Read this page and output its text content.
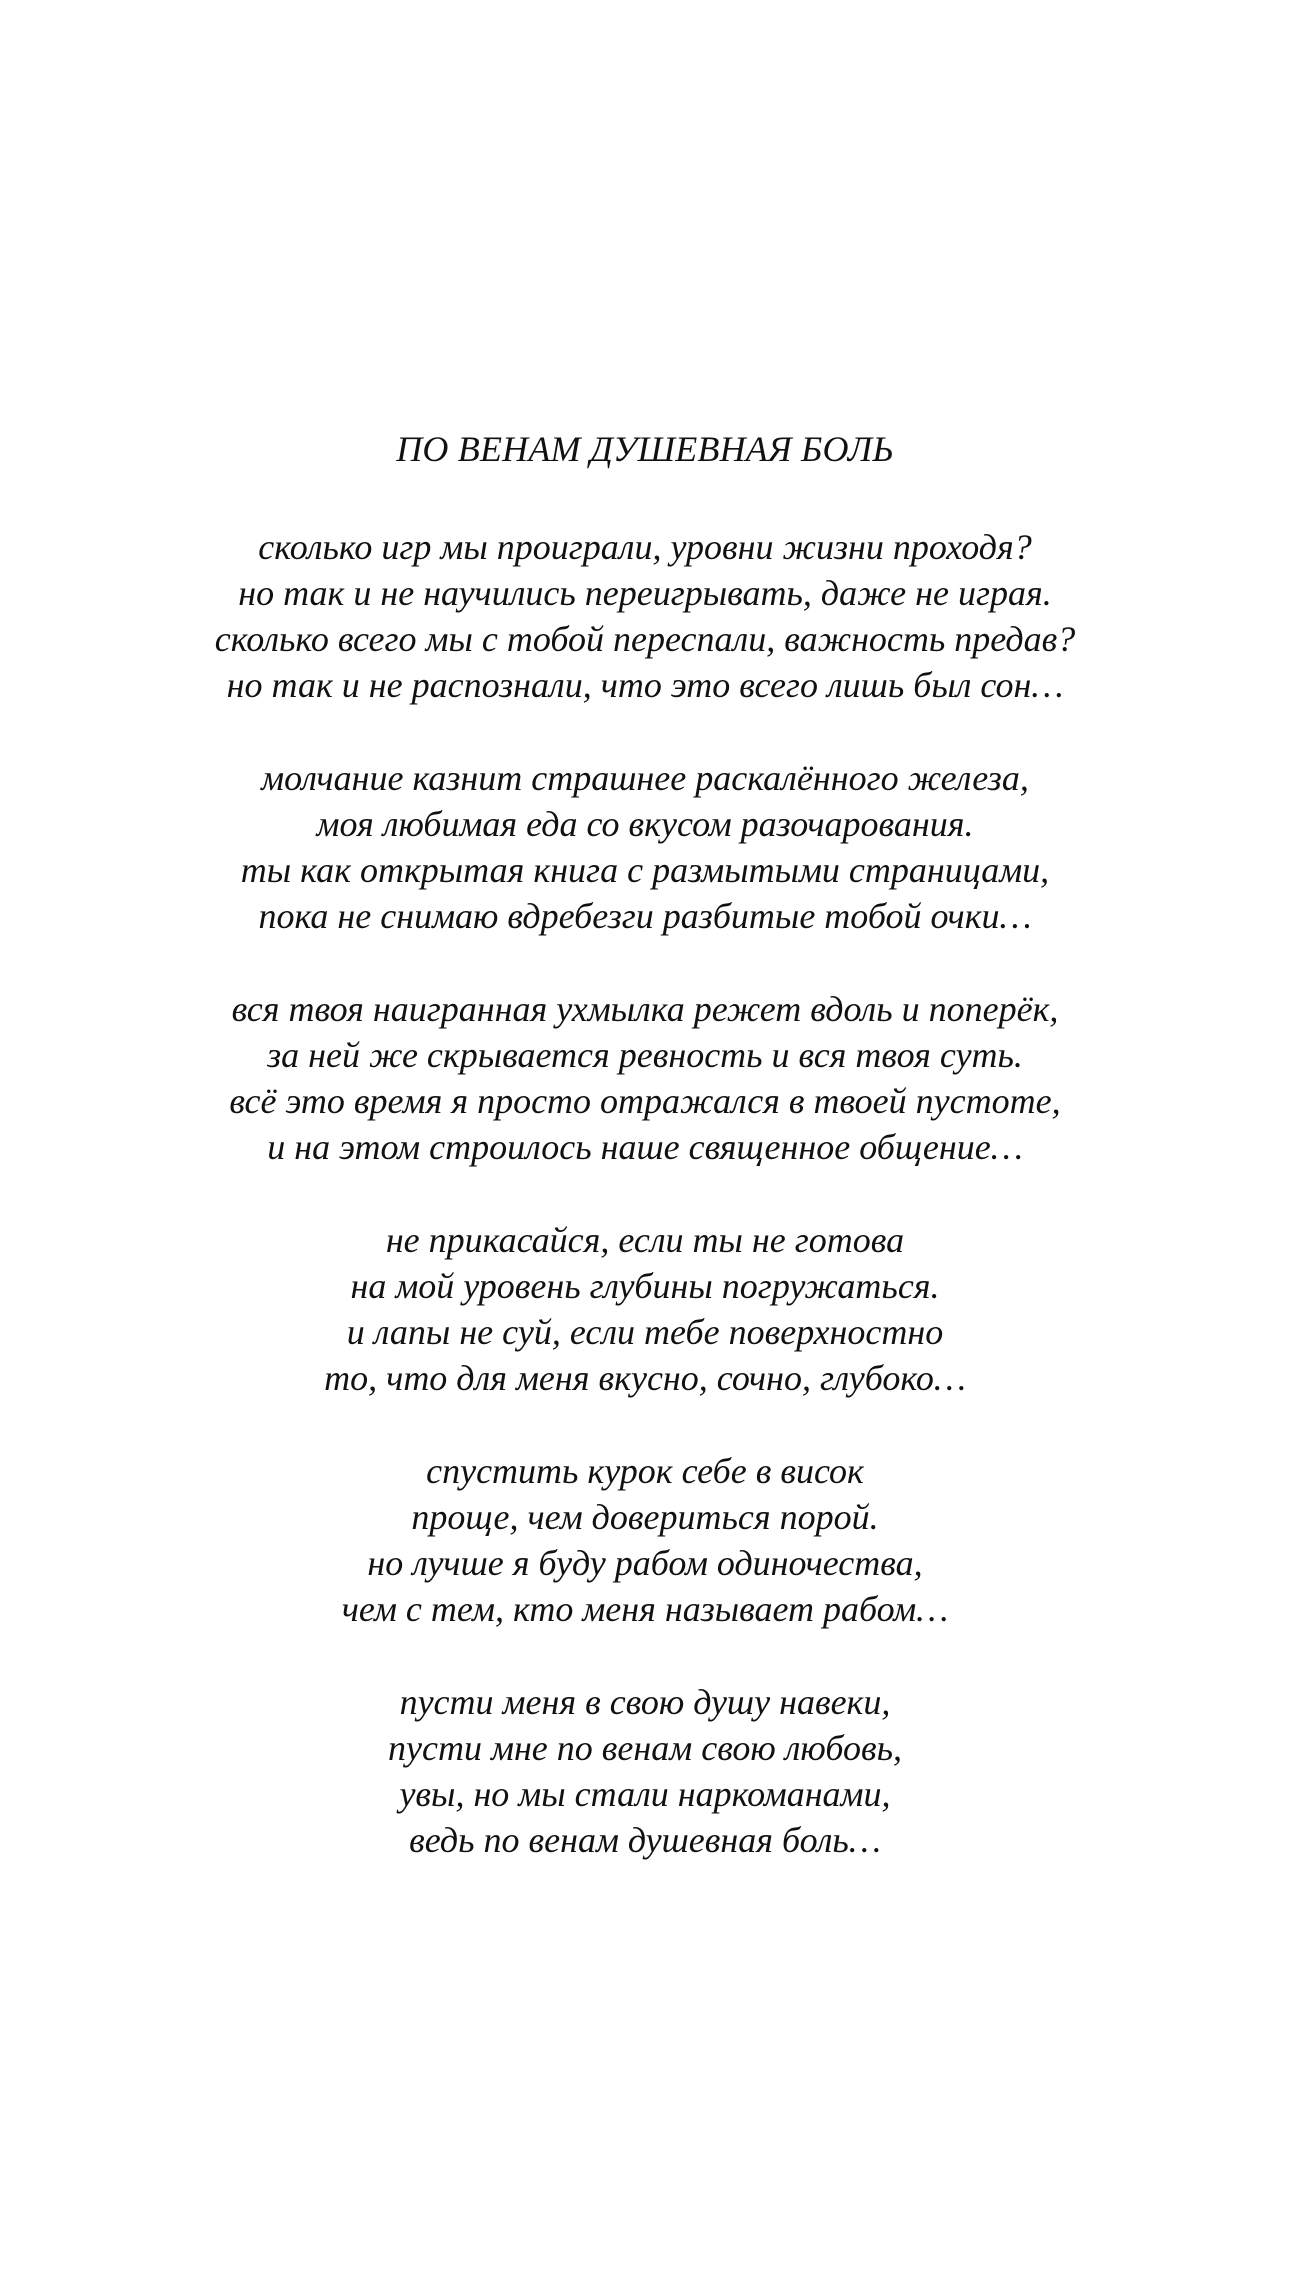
ПО ВЕНАМ ДУШЕВНАЯ БОЛЬ
сколько игр мы проиграли, уровни жизни проходя?
но так и не научились переигрывать, даже не играя.
сколько всего мы с тобой переспали, важность предав?
но так и не распознали, что это всего лишь был сон…
молчание казнит страшнее раскалённого железа,
моя любимая еда со вкусом разочарования.
ты как открытая книга с размытыми страницами,
пока не снимаю вдребезги разбитые тобой очки…
вся твоя наигранная ухмылка режет вдоль и поперёк,
за ней же скрывается ревность и вся твоя суть.
всё это время я просто отражался в твоей пустоте,
и на этом строилось наше священное общение…
не прикасайся, если ты не готова
на мой уровень глубины погружаться.
и лапы не суй, если тебе поверхностно
то, что для меня вкусно, сочно, глубоко…
спустить курок себе в висок
проще, чем довериться порой.
но лучше я буду рабом одиночества,
чем с тем, кто меня называет рабом…
пусти меня в свою душу навеки,
пусти мне по венам свою любовь,
увы, но мы стали наркоманами,
ведь по венам душевная боль…
